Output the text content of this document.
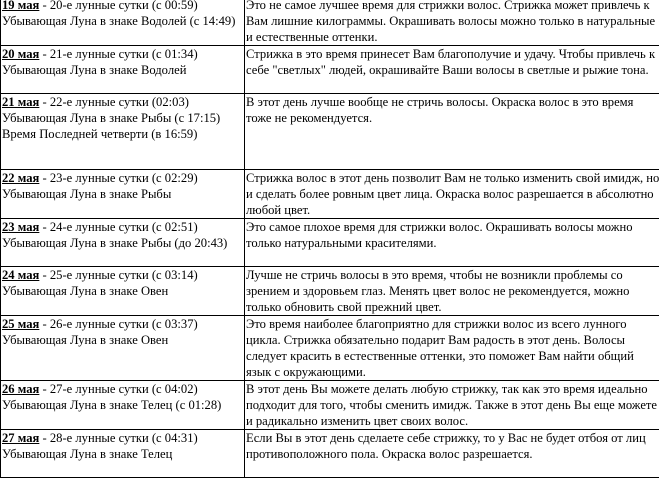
19 мая - 20-е лунные сутки (с 00:59)
Убывающая Луна в знаке Водолей (с 14:49)	Это не самое лучшее время для стрижки волос. Стрижка может привлечь к Вам лишние килограммы. Окрашивать волосы можно только в натуральные и естественные оттенки.

20 мая - 21-е лунные сутки (с 01:34)
Убывающая Луна в знаке Водолей	Стрижка в это время принесет Вам благополучие и удачу. Чтобы привлечь к себе "светлых" людей, окрашивайте Ваши волосы в светлые и рыжие тона.

21 мая - 22-е лунные сутки (02:03)
Убывающая Луна в знаке Рыбы (с 17:15)
Время Последней четверти (в 16:59)	В этот день лучше вообще не стричь волосы. Окраска волос в это время тоже не рекомендуется.

22 мая - 23-е лунные сутки (с 02:29)
Убывающая Луна в знаке Рыбы	Стрижка волос в этот день позволит Вам не только изменить свой имидж, но и сделать более ровным цвет лица. Окраска волос разрешается в абсолютно любой цвет.

23 мая - 24-е лунные сутки (с 02:51)
Убывающая Луна в знаке Рыбы (до 20:43)	Это самое плохое время для стрижки волос. Окрашивать волосы можно только натуральными красителями.

24 мая - 25-е лунные сутки (с 03:14)
Убывающая Луна в знаке Овен	Лучше не стричь волосы в это время, чтобы не возникли проблемы со зрением и здоровьем глаз. Менять цвет волос не рекомендуется, можно только обновить свой прежний цвет.

25 мая - 26-е лунные сутки (с 03:37)
Убывающая Луна в знаке Овен	Это время наиболее благоприятно для стрижки волос из всего лунного цикла. Стрижка обязательно подарит Вам радость в этот день. Волосы следует красить в естественные оттенки, это поможет Вам найти общий язык с окружающими.

26 мая - 27-е лунные сутки (с 04:02)
Убывающая Луна в знаке Телец (с 01:28)	В этот день Вы можете делать любую стрижку, так как это время идеально подходит для того, чтобы сменить имидж. Также в этот день Вы еще можете и радикально изменить цвет своих волос.

27 мая - 28-е лунные сутки (с 04:31)
Убывающая Луна в знаке Телец	Если Вы в этот день сделаете себе стрижку, то у Вас не будет отбоя от лиц противоположного пола. Окраска волос разрешается.
